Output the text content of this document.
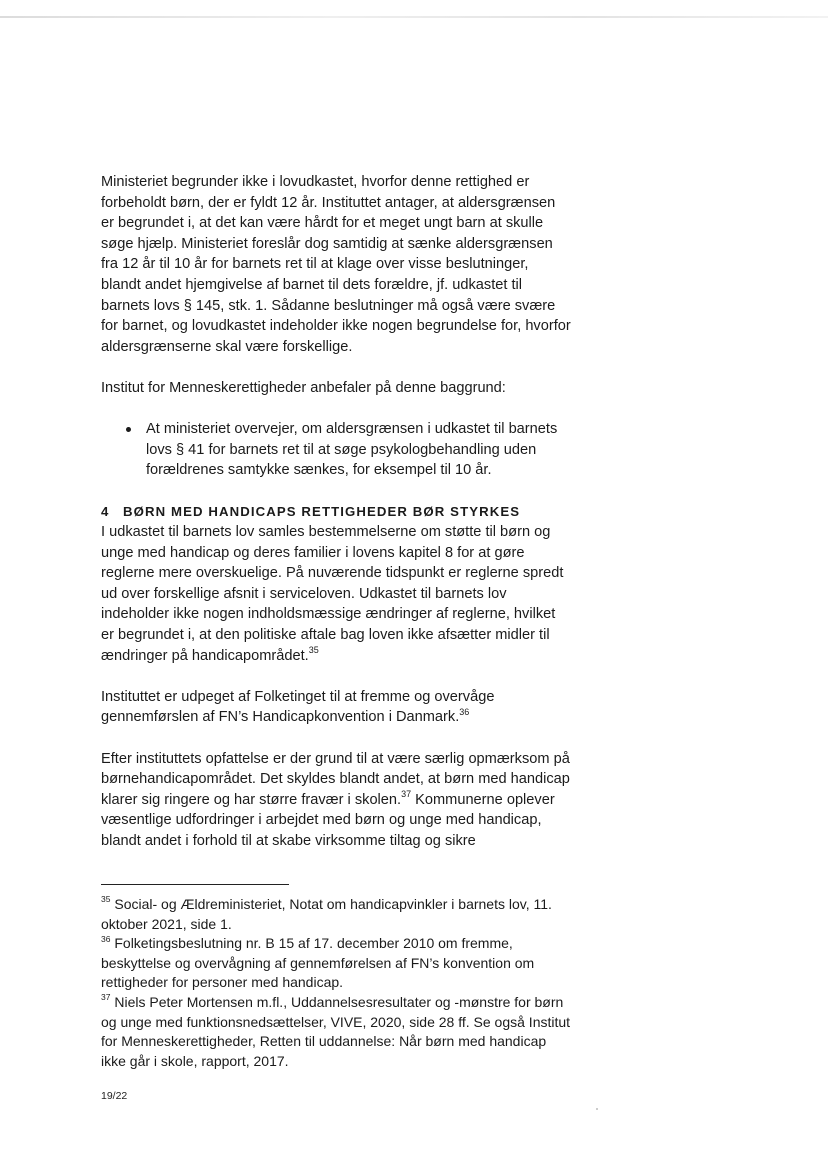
Ministeriet begrunder ikke i lovudkastet, hvorfor denne rettighed er forbeholdt børn, der er fyldt 12 år. Instituttet antager, at aldersgrænsen er begrundet i, at det kan være hårdt for et meget ungt barn at skulle søge hjælp. Ministeriet foreslår dog samtidig at sænke aldersgrænsen fra 12 år til 10 år for barnets ret til at klage over visse beslutninger, blandt andet hjemgivelse af barnet til dets forældre, jf. udkastet til barnets lovs § 145, stk. 1. Sådanne beslutninger må også være svære for barnet, og lovudkastet indeholder ikke nogen begrundelse for, hvorfor aldersgrænserne skal være forskellige.

Institut for Menneskerettigheder anbefaler på denne baggrund:

At ministeriet overvejer, om aldersgrænsen i udkastet til barnets lovs § 41 for barnets ret til at søge psykologbehandling uden forældrenes samtykke sænkes, for eksempel til 10 år.
4 BØRN MED HANDICAPS RETTIGHEDER BØR STYRKES

I udkastet til barnets lov samles bestemmelserne om støtte til børn og unge med handicap og deres familier i lovens kapitel 8 for at gøre reglerne mere overskuelige. På nuværende tidspunkt er reglerne spredt ud over forskellige afsnit i serviceloven. Udkastet til barnets lov indeholder ikke nogen indholdsmæssige ændringer af reglerne, hvilket er begrundet i, at den politiske aftale bag loven ikke afsætter midler til ændringer på handicapområdet.$^{35}$

Instituttet er udpeget af Folketinget til at fremme og overvåge gennemførslen af FN’s Handicapkonvention i Danmark.$^{36}$

Efter instituttets opfattelse er der grund til at være særlig opmærksom på børnehandicapområdet. Det skyldes blandt andet, at børn med handicap klarer sig ringere og har større fravær i skolen.$^{37}$ Kommunerne oplever væsentlige udfordringer i arbejdet med børn og unge med handicap, blandt andet i forhold til at skabe virksomme tiltag og sikre

$^{35}$ Social- og Ældreministeriet, Notat om handicapvinkler i barnets lov, 11. oktober 2021, side 1.

$^{36}$ Folketingsbeslutning nr. B 15 af 17. december 2010 om fremme, beskyttelse og overvågning af gennemførelsen af FN’s konvention om rettigheder for personer med handicap.

$^{37}$ Niels Peter Mortensen m.fl., Uddannelsesresultater og -mønstre for børn og unge med funktionsnedsættelser, VIVE, 2020, side 28 ff. Se også Institut for Menneskerettigheder, Retten til uddannelse: Når børn med handicap ikke går i skole, rapport, 2017.

19/22
